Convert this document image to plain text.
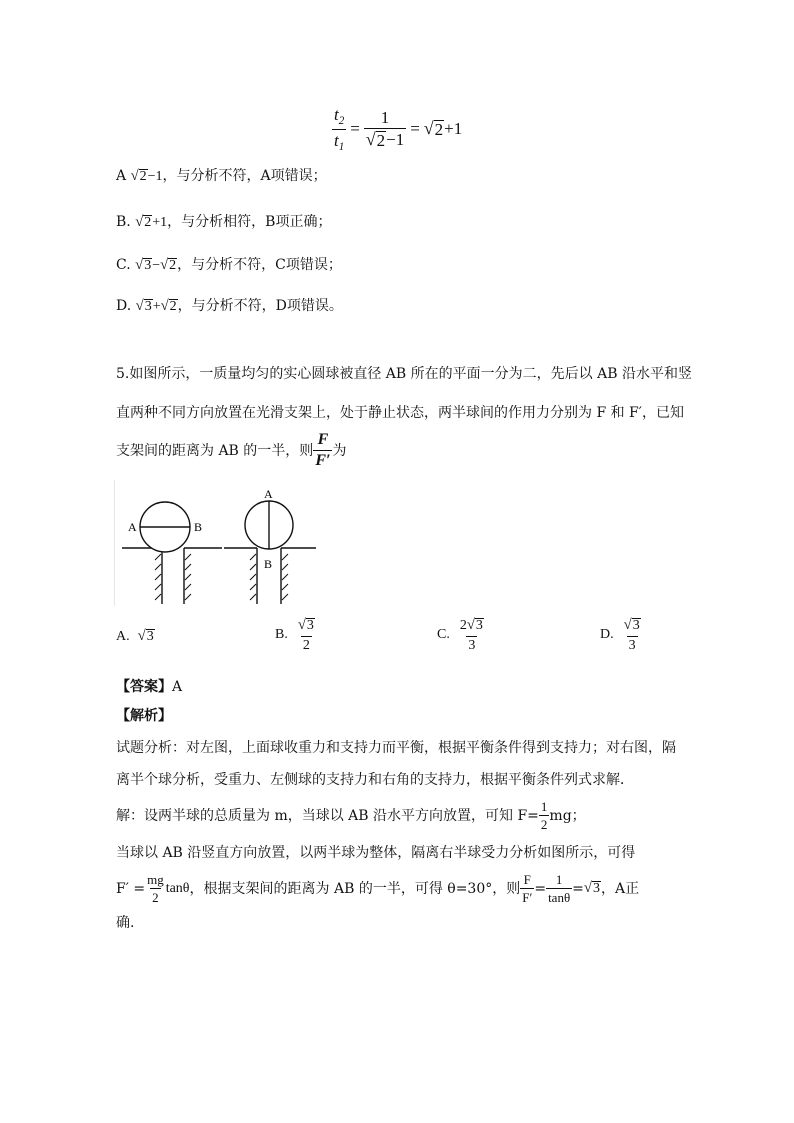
$\frac{t_2}{t_1} = \frac{1}{√ 2 -1}$ = √ 2 +1
A √ 2 −1，与分析不符，A项错误；
B. √ 2 +1，与分析相符，B项正确；
C. √ 3 − √ 2 ，与分析不符，C项错误；
D. √ 3 + √ 2 ，与分析不符，D项错误。
5.如图所示，一质量均匀的实心圆球被直径 AB 所在的平面一分为二，先后以 AB 沿水平和竖
直两种不同方向放置在光滑支架上，处于静止状态，两半球间的作用力分别为 F 和 F′，已知
支架间的距离为 AB 的一半，则 $\frac{F}{F'}$ 为
A	B
A
B
A. √ 3	B. $\frac{√ 3}{2}$	C. $\frac{2 √ 3}{3}$	D. $\frac{√ 3}{3}$
【答案】A
【解析】
试题分析：对左图，上面球收重力和支持力而平衡，根据平衡条件得到支持力；对右图，隔
离半个球分析，受重力、左侧球的支持力和右角的支持力，根据平衡条件列式求解．
解：设两半球的总质量为 m，当球以 AB 沿水平方向放置，可知 $F= \frac{1}{2}$ mg；
当球以 AB 沿竖直方向放置，以两半球为整体，隔离右半球受力分析如图所示，可得
$F' = \frac{mg}{2}$ tanθ ，根据支架间的距离为 AB 的一半，可得 θ=30°，则 $\frac{F}{F'} = \frac{1}{\tan\theta}$ = √ 3 ，A正
确.
